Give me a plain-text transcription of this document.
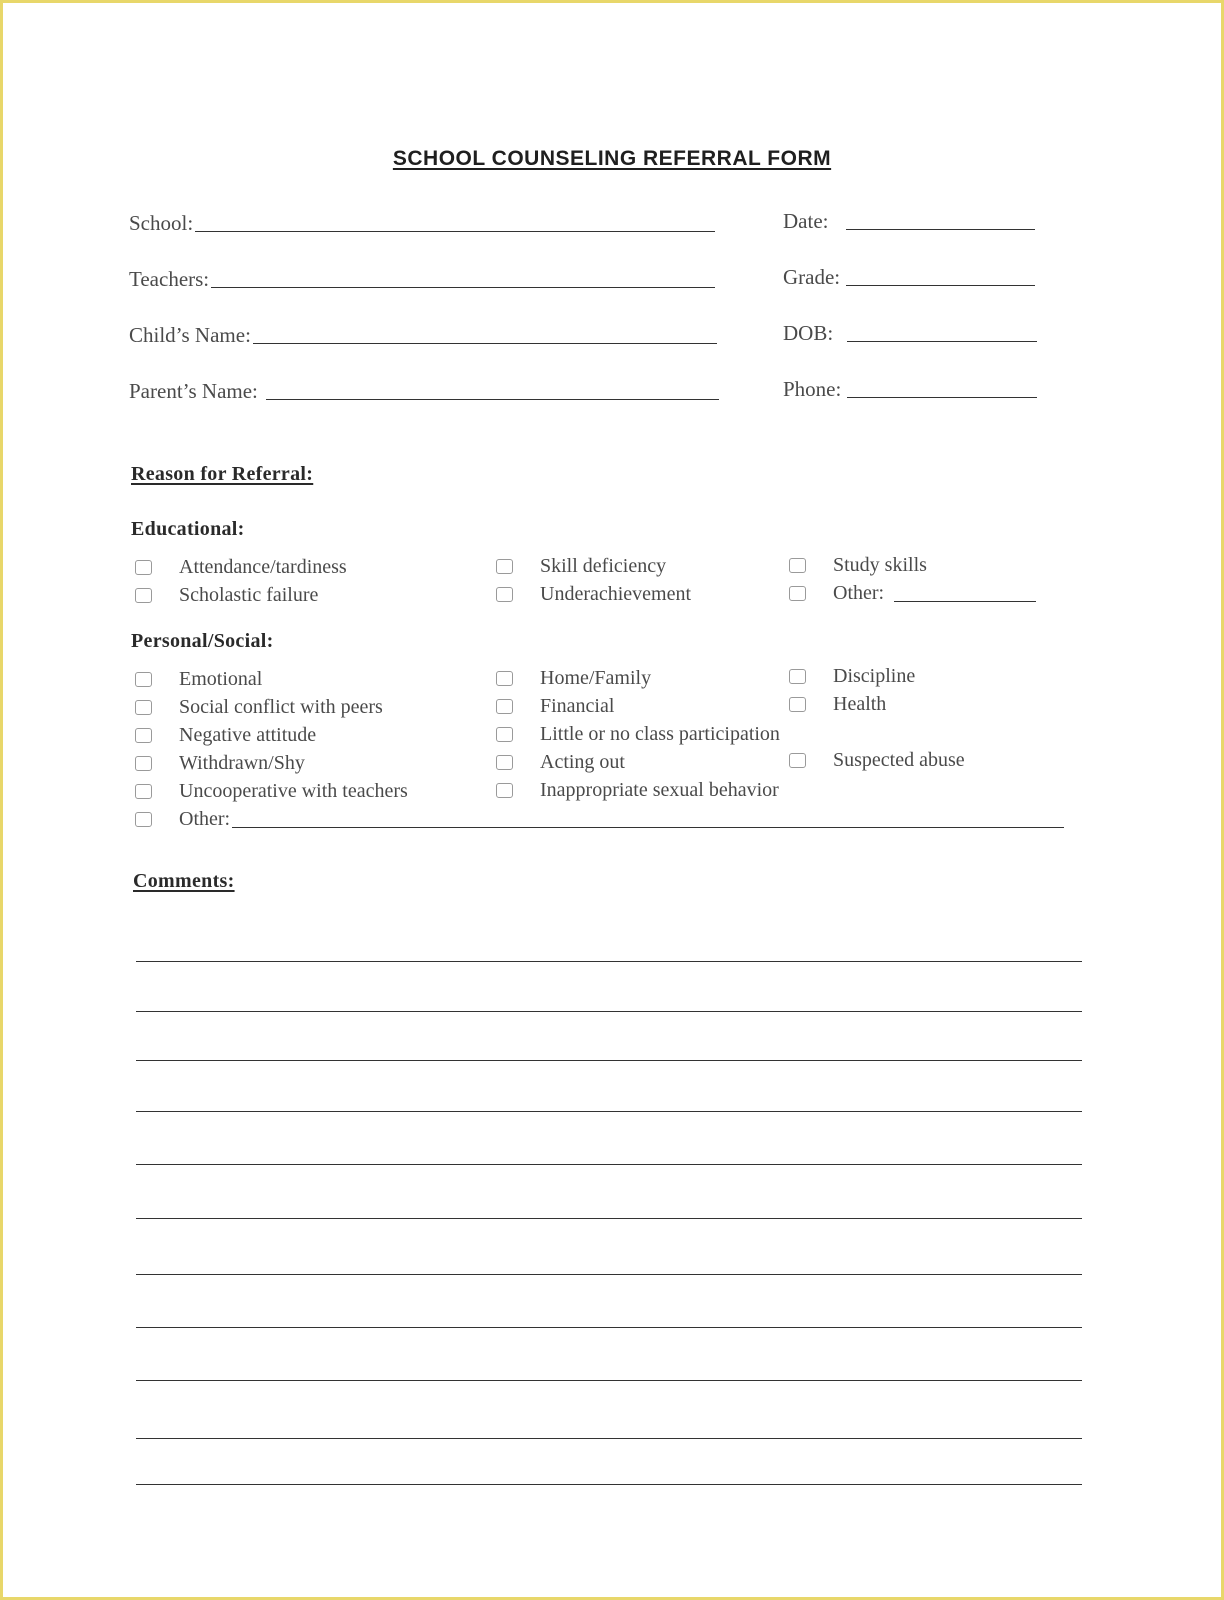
SCHOOL COUNSELING REFERRAL FORM
School:
Teachers:
Child’s Name:
Parent’s Name:
Date:
Grade:
DOB:
Phone:
Reason for Referral:
Educational:
Attendance/tardiness	Skill deficiency	Study skills
Scholastic failure	Underachievement	Other:
Personal/Social:
Emotional	Home/Family	Discipline
Social conflict with peers	Financial	Health
Negative attitude	Little or no class participation
Withdrawn/Shy	Acting out	Suspected abuse
Uncooperative with teachers	Inappropriate sexual behavior
Other:
Comments:
